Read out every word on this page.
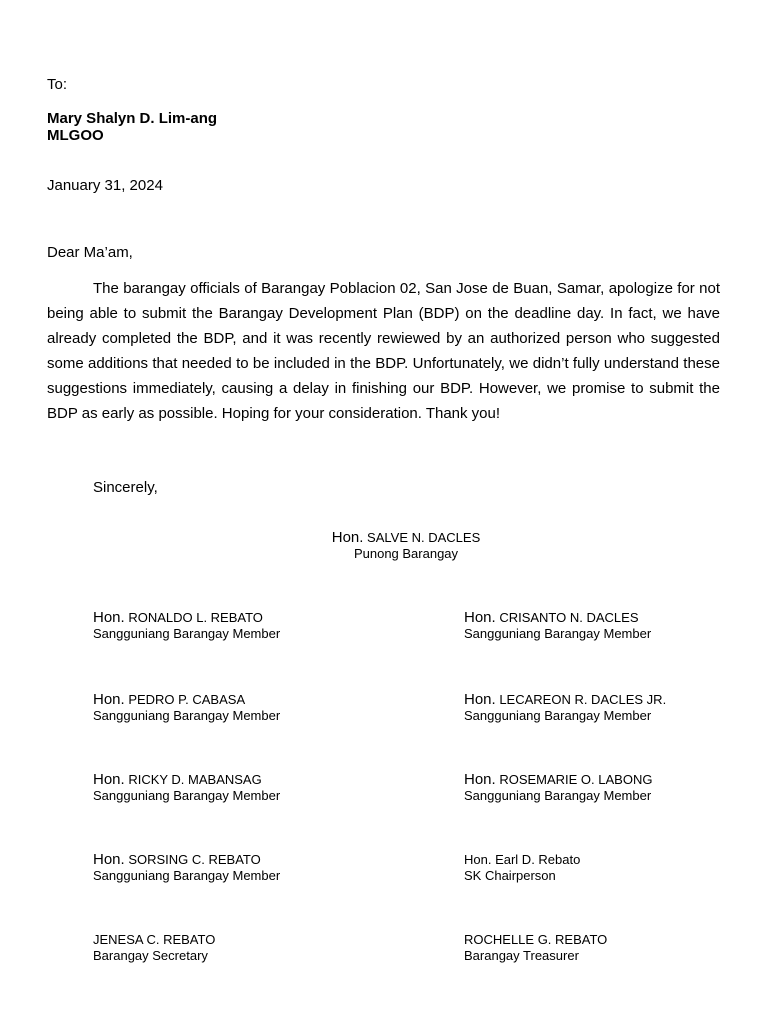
To:
Mary Shalyn D. Lim-ang
MLGOO
January 31, 2024
Dear Ma’am,
The barangay officials of Barangay Poblacion 02, San Jose de Buan, Samar, apologize for not being able to submit the Barangay Development Plan (BDP) on the deadline day. In fact, we have already completed the BDP, and it was recently rewiewed by an authorized person who suggested some additions that needed to be included in the BDP. Unfortunately, we didn’t fully understand these suggestions immediately, causing a delay in finishing our BDP. However, we promise to submit the BDP as early as possible. Hoping for your consideration. Thank you!
Sincerely,
Hon. SALVE N. DACLES
Punong Barangay
Hon. RONALDO L. REBATO
Sangguniang Barangay Member
Hon. PEDRO P. CABASA
Sangguniang Barangay Member
Hon. RICKY D. MABANSAG
Sangguniang Barangay Member
Hon. SORSING C. REBATO
Sangguniang Barangay Member
JENESA C. REBATO
Barangay Secretary
Hon. CRISANTO N. DACLES
Sangguniang Barangay Member
Hon. LECAREON R. DACLES JR.
Sangguniang Barangay Member
Hon. ROSEMARIE O. LABONG
Sangguniang Barangay Member
Hon. Earl D. Rebato
SK Chairperson
ROCHELLE G. REBATO
Barangay Treasurer
